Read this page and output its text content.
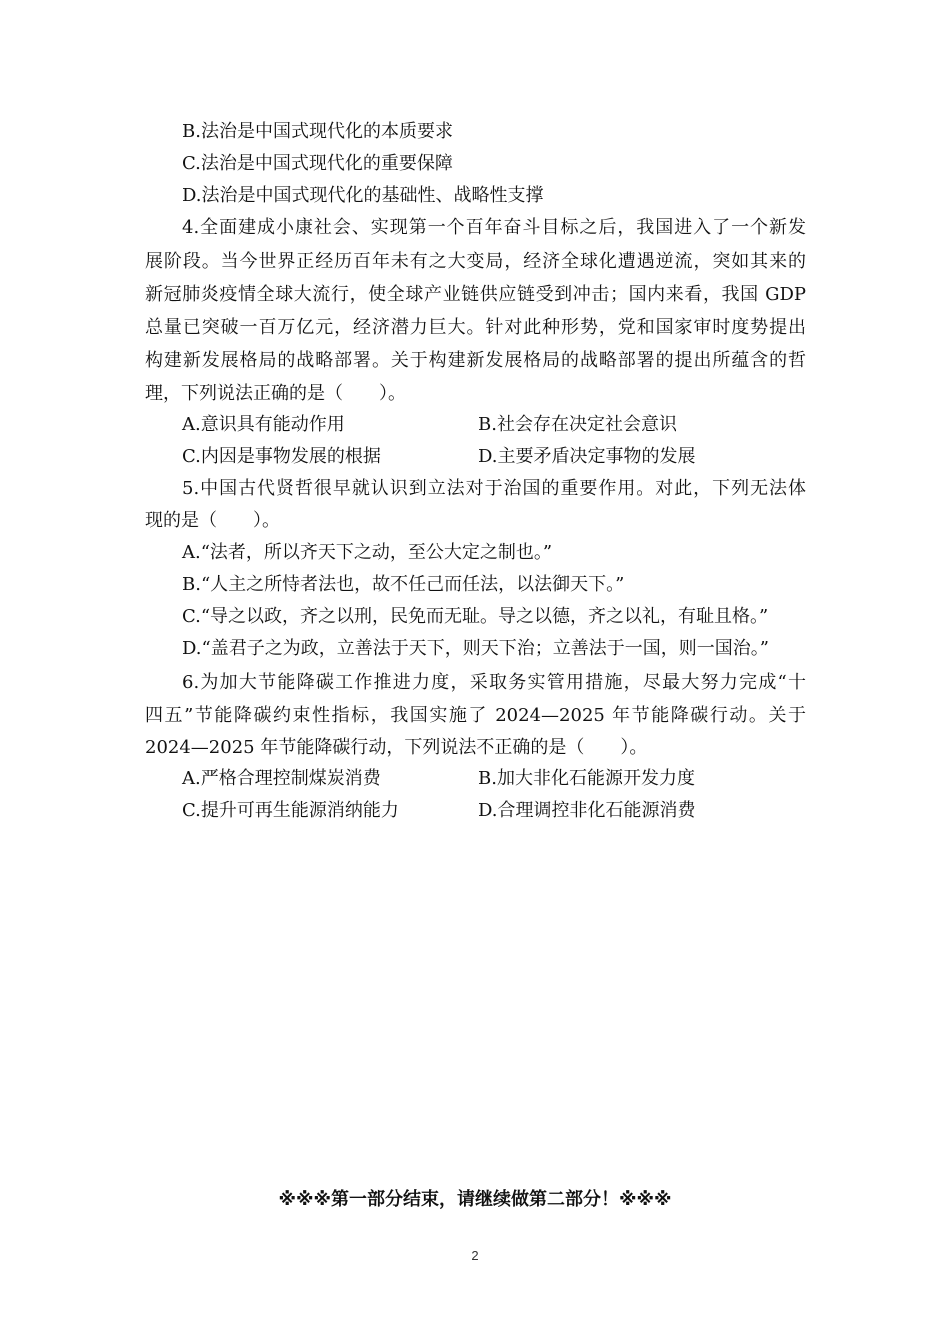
B.法治是中国式现代化的本质要求
C.法治是中国式现代化的重要保障
D.法治是中国式现代化的基础性、战略性支撑
4.全面建成小康社会、实现第一个百年奋斗目标之后，我国进入了一个新发
展阶段。当今世界正经历百年未有之大变局，经济全球化遭遇逆流，突如其来的
新冠肺炎疫情全球大流行，使全球产业链供应链受到冲击；国内来看，我国 GDP
总量已突破一百万亿元，经济潜力巨大。针对此种形势，党和国家审时度势提出
构建新发展格局的战略部署。关于构建新发展格局的战略部署的提出所蕴含的哲
理，下列说法正确的是（　　）。
A.意识具有能动作用	B.社会存在决定社会意识
C.内因是事物发展的根据	D.主要矛盾决定事物的发展
5.中国古代贤哲很早就认识到立法对于治国的重要作用。对此，下列无法体
现的是（　　）。
A.“法者，所以齐天下之动，至公大定之制也。”
B.“人主之所恃者法也，故不任己而任法，以法御天下。”
C.“导之以政，齐之以刑，民免而无耻。导之以德，齐之以礼，有耻且格。”
D.“盖君子之为政，立善法于天下，则天下治；立善法于一国，则一国治。”
6.为加大节能降碳工作推进力度，采取务实管用措施，尽最大努力完成“十
四五”节能降碳约束性指标，我国实施了 2024—2025 年节能降碳行动。关于
2024—2025 年节能降碳行动，下列说法不正确的是（　　）。
A.严格合理控制煤炭消费	B.加大非化石能源开发力度
C.提升可再生能源消纳能力	D.合理调控非化石能源消费
※※※第一部分结束，请继续做第二部分！※※※
2
